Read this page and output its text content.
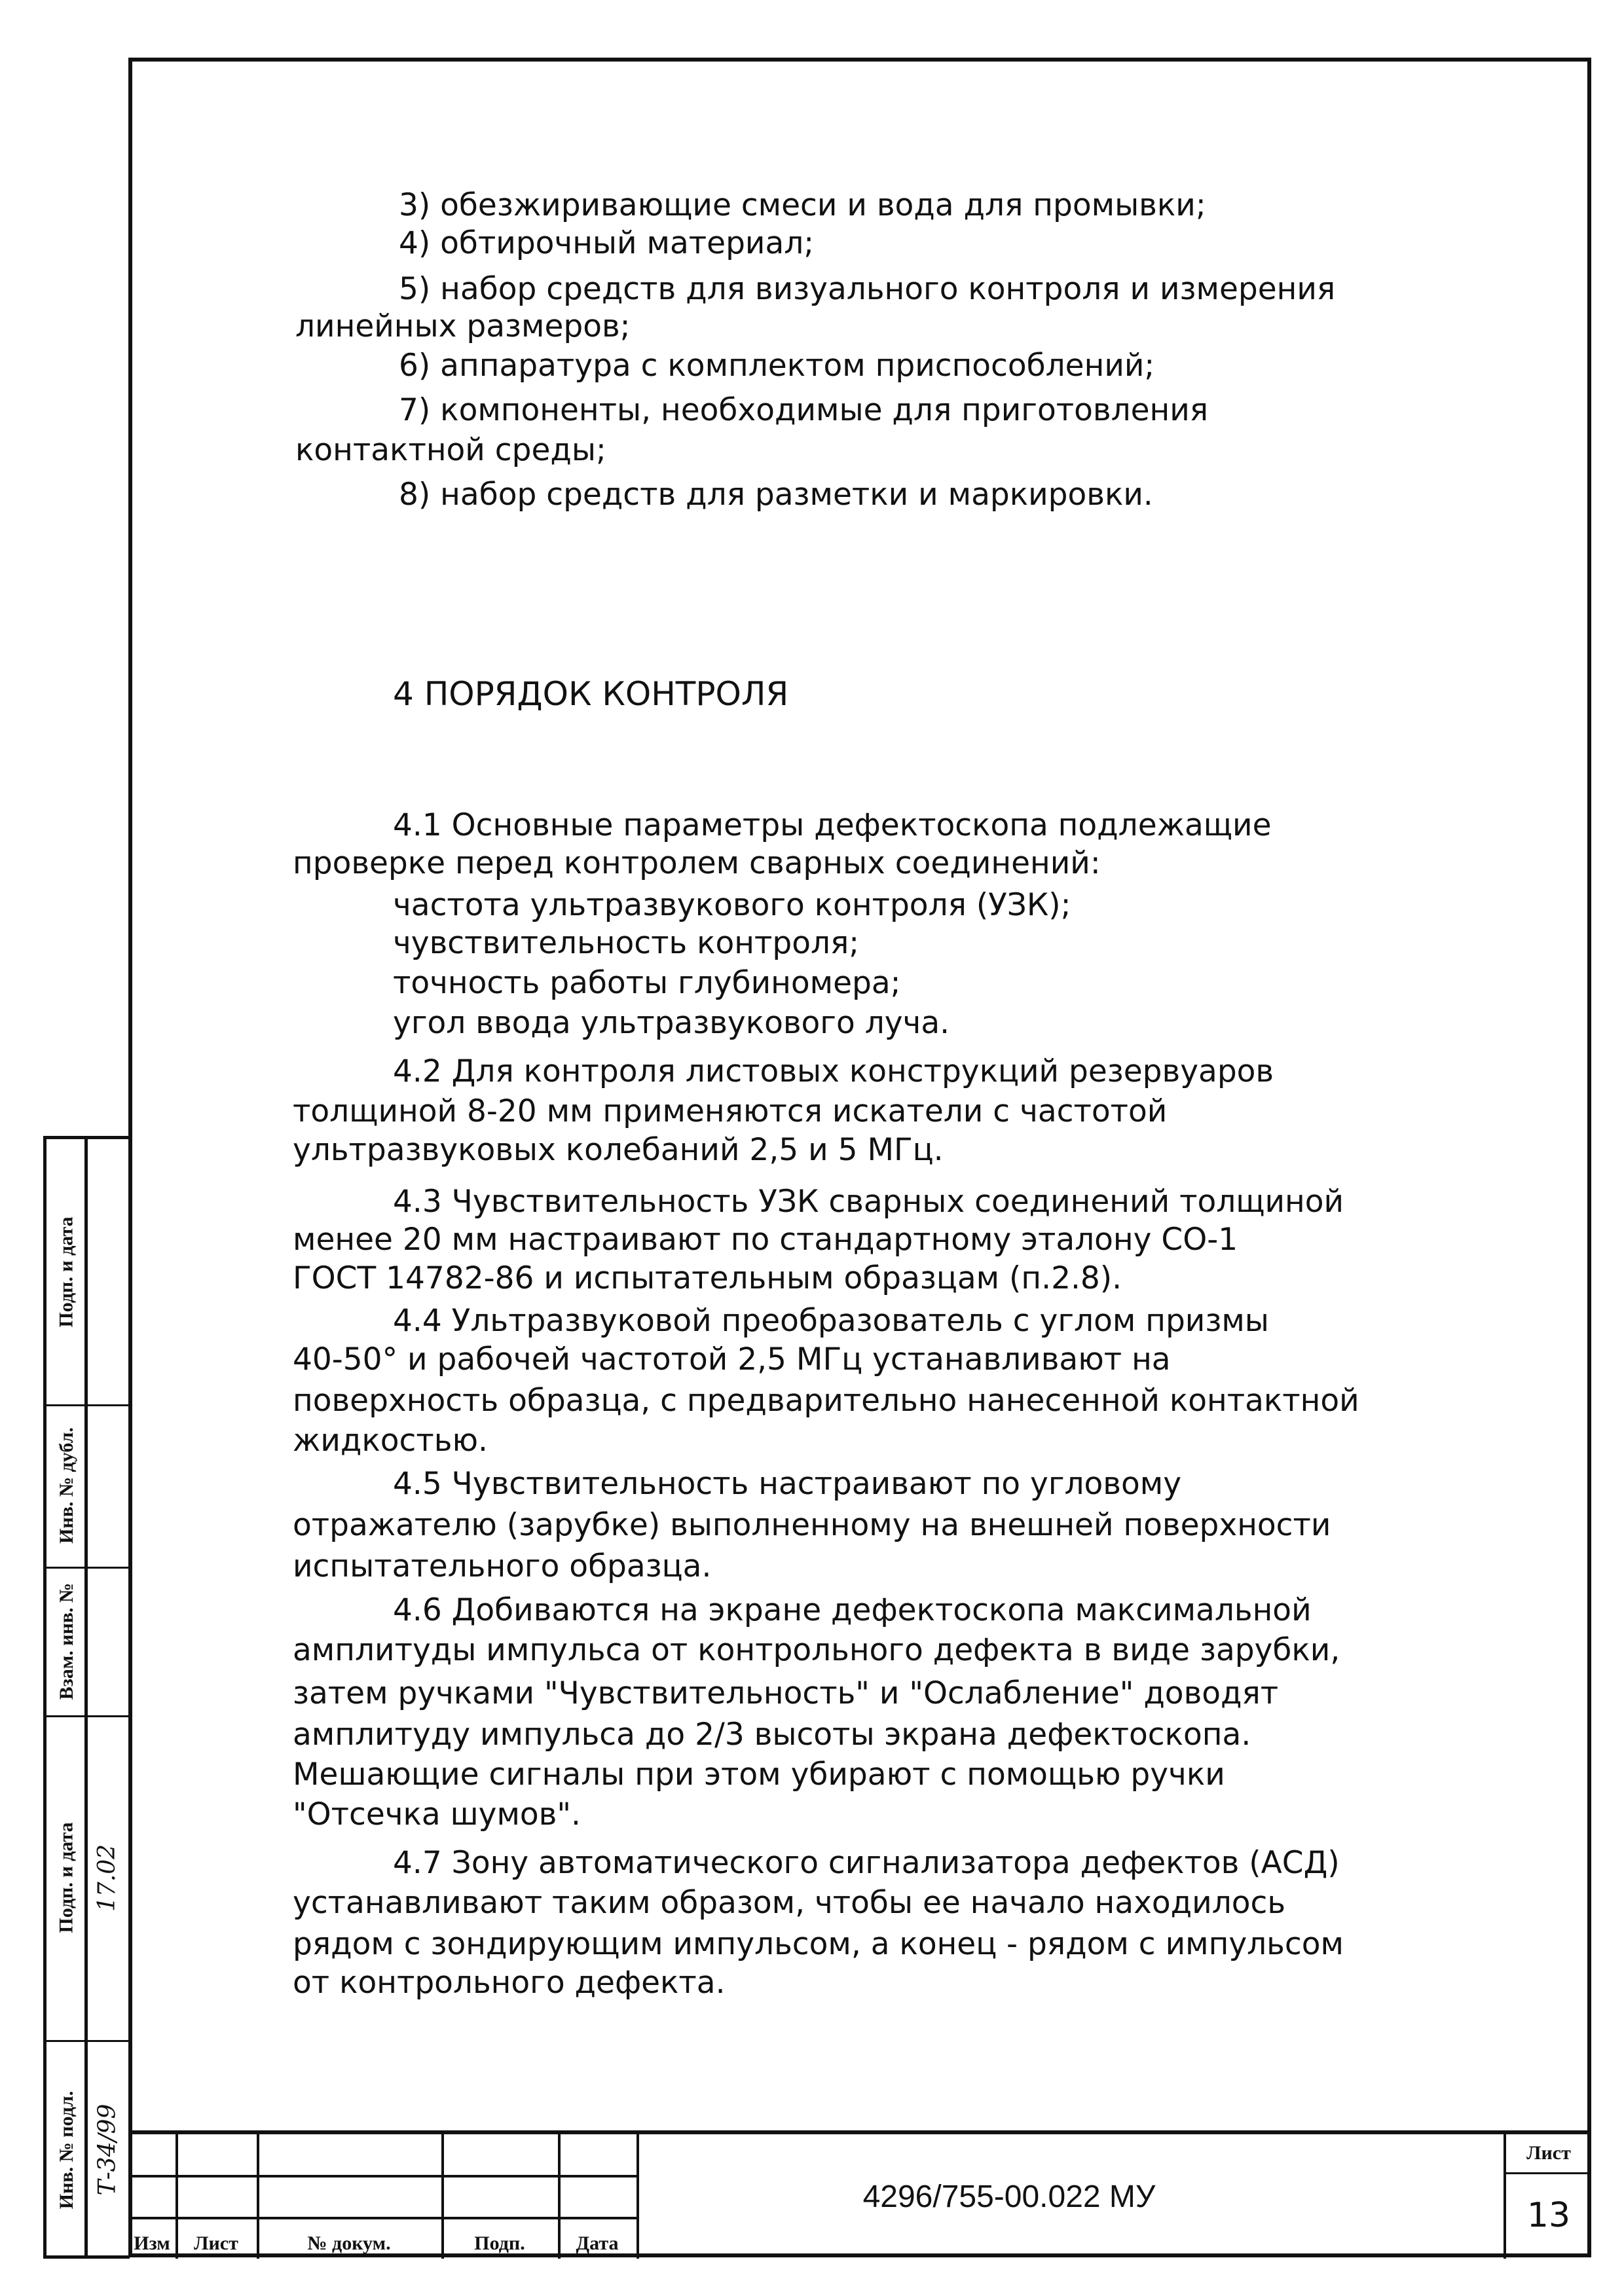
3) обезжиривающие смеси и вода для промывки;
4) обтирочный материал;
5) набор средств для визуального контроля и измерения
линейных размеров;
6) аппаратура с комплектом приспособлений;
7) компоненты, необходимые для приготовления
контактной среды;
8) набор средств для разметки и маркировки.
4 ПОРЯДОК КОНТРОЛЯ
4.1 Основные параметры дефектоскопа подлежащие
проверке перед контролем сварных соединений:
частота ультразвукового контроля (УЗК);
чувствительность контроля;
точность работы глубиномера;
угол ввода ультразвукового луча.
4.2 Для контроля листовых конструкций резервуаров
толщиной 8-20 мм применяются искатели с частотой
ультразвуковых колебаний 2,5 и 5 МГц.
4.3 Чувствительность УЗК сварных соединений толщиной
менее 20 мм настраивают по стандартному эталону СО-1
ГОСТ 14782-86 и испытательным образцам (п.2.8).
4.4 Ультразвуковой преобразователь с углом призмы
40-50° и рабочей частотой 2,5 МГц устанавливают на
поверхность образца, с предварительно нанесенной контактной
жидкостью.
4.5 Чувствительность настраивают по угловому
отражателю (зарубке) выполненному на внешней поверхности
испытательного образца.
4.6 Добиваются на экране дефектоскопа максимальной
амплитуды импульса от контрольного дефекта в виде зарубки,
затем ручками "Чувствительность" и "Ослабление" доводят
амплитуду импульса до 2/3 высоты экрана дефектоскопа.
Мешающие сигналы при этом убирают с помощью ручки
"Отсечка шумов".
4.7 Зону автоматического сигнализатора дефектов (АСД)
устанавливают таким образом, чтобы ее начало находилось
рядом с зондирующим импульсом, а конец - рядом с импульсом
от контрольного дефекта.
Подп. и дата
Инв. № дубл.
Взам. инв. №
Подп. и дата
Инв. № подл.
17.02
Т-34/99
Изм	Лист	№ докум.	Подп.	Дата
4296/755-00.022 МУ
Лист
13
